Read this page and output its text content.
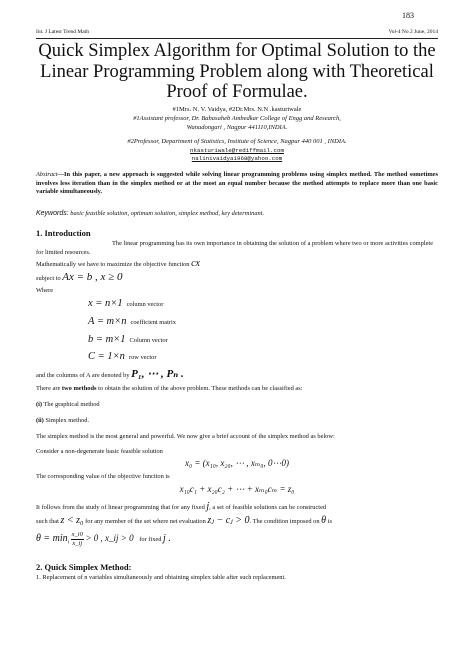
183
Int. J Latest Trend Math	Vol-4 No 2 June, 2014
Quick Simplex Algorithm for Optimal Solution to the Linear Programming Problem along with Theoretical Proof of Formulae.
#1Mrs. N. V. Vaidya, #2Dr.Mrs. N.N .kasturiwale
#1Assistant professor, Dr. Babasaheb Ambedkar College of Engg and Research,
Wanadongari , Nagpur 441110,INDIA.
#2Professor, Department of Statistics, Institute of Science, Nagpur 440 001 , INDIA.
nkasturiwale@rediffmail.com
nalinivaidya1968@yahoo.com
Abstract—In this paper, a new approach is suggested while solving linear programming problems using simplex method. The method sometimes involves less iteration than in the simplex method or at the most an equal number because the method attempts to replace more than one basic variable simultaneously.
Keywords: basic feasible solution, optimum solution, simplex method, key determinant.
1. Introduction
The linear programming has its own importance in obtaining the solution of a problem where two or more activities complete for limited resources.
Mathematically we have to maximize the objective function cx
subject to Ax = b , x ≥ 0
Where
x = n×1 column vector
A = m×n coefficient matrix
b = m×1 Column vector
C = 1×n row vector
and the columns of A are denoted by P₁, ⋯ , Pₙ .
There are two methods to obtain the solution of the above problem. These methods can be classified as:
(i) The graphical method
(ii) Simplex method.
The simplex method is the most general and powerful. We now give a brief account of the simplex method as below:
Consider a non-degenerate basic feasible solution
x₀ = (x₁₀, x₂₀, ⋯ , xₘ₀, 0⋯0)
The corresponding value of the objective function is
x₁₀c₁ + x₂₀c₂ + ⋯ + xₘ₀cₘ = z₀
It follows from the study of linear programming that for any fixed j, a set of feasible solutions can be constructed
such that z < z₀ for any member of the set where net evaluation zⱼ − cⱼ > 0. The condition imposed on θ is
$\theta = \min_i \frac{x\_i0}{x\_ij} > 0$ , x_ij > 0 for fixed j .
2. Quick Simplex Method:
1. Replacement of n variables simultaneously and obtaining simplex table after such replacement.
